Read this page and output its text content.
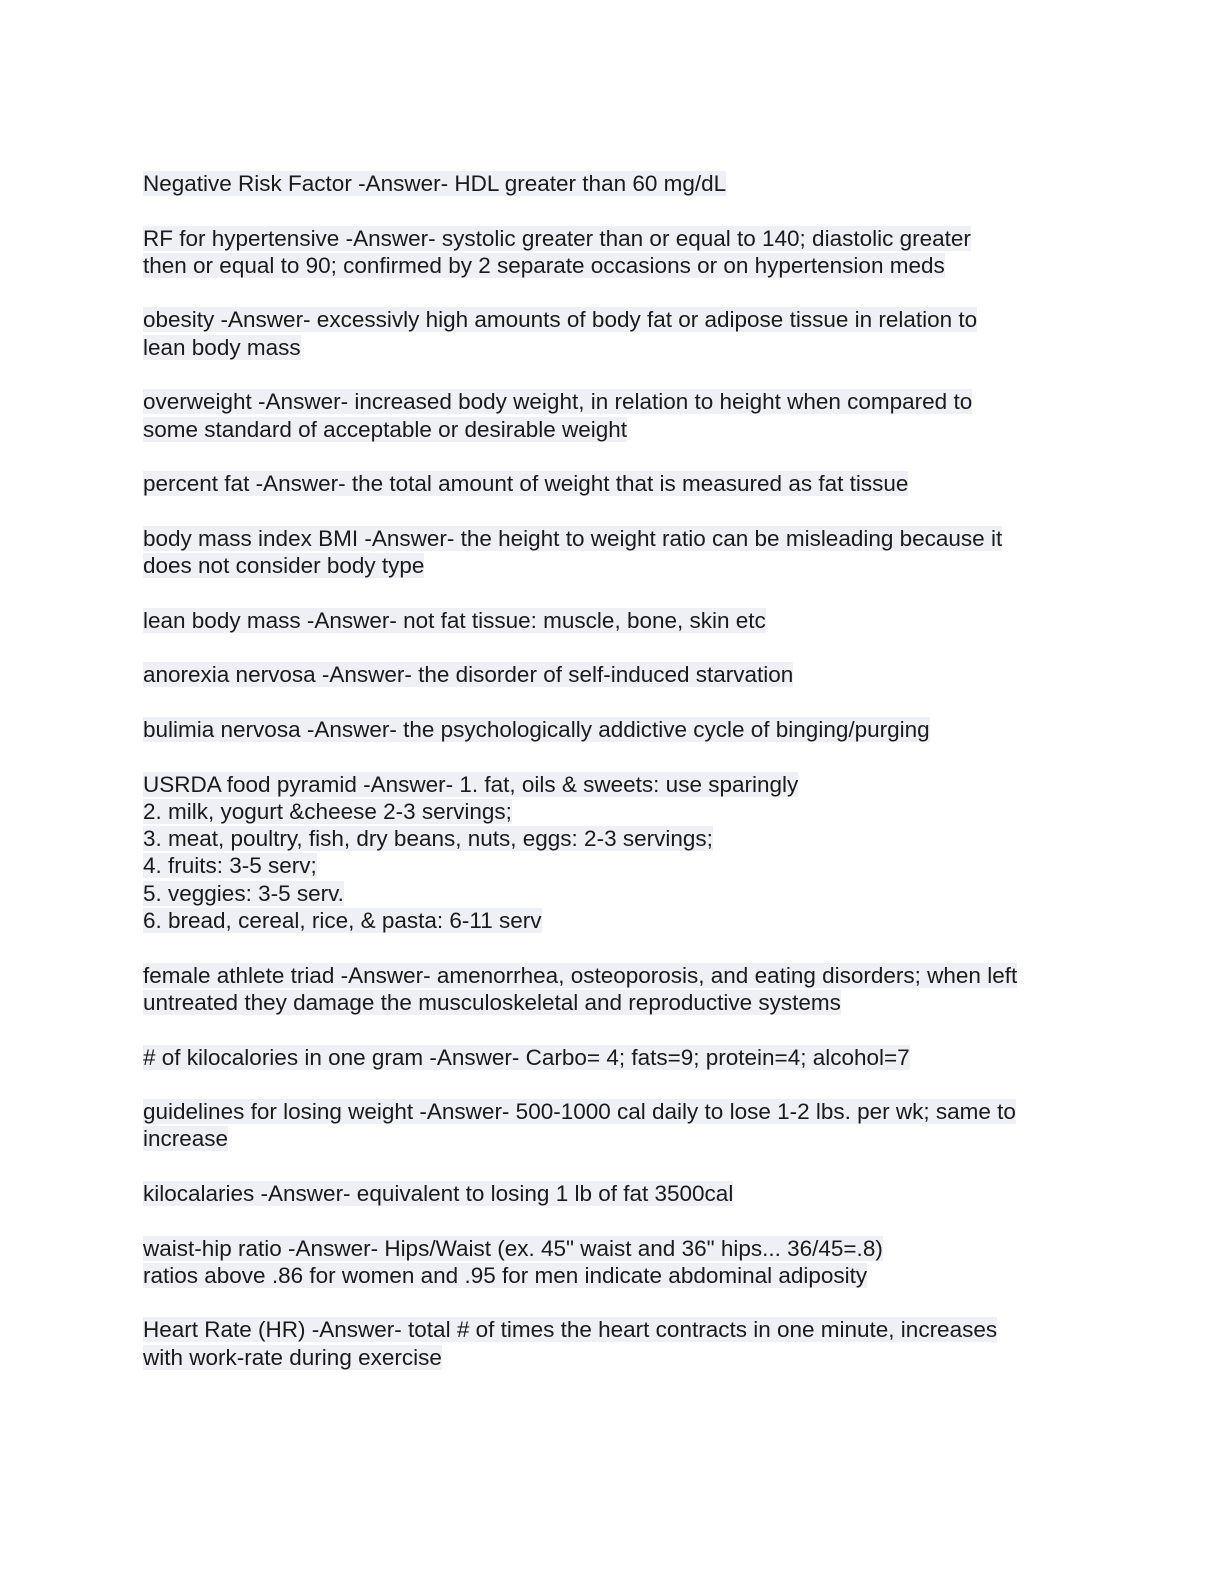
Negative Risk Factor -Answer- HDL greater than 60 mg/dL
RF for hypertensive -Answer- systolic greater than or equal to 140; diastolic greater
then or equal to 90; confirmed by 2 separate occasions or on hypertension meds
obesity -Answer- excessivly high amounts of body fat or adipose tissue in relation to
lean body mass
overweight -Answer- increased body weight, in relation to height when compared to
some standard of acceptable or desirable weight
percent fat -Answer- the total amount of weight that is measured as fat tissue
body mass index BMI -Answer- the height to weight ratio can be misleading because it
does not consider body type
lean body mass -Answer- not fat tissue: muscle, bone, skin etc
anorexia nervosa -Answer- the disorder of self-induced starvation
bulimia nervosa -Answer- the psychologically addictive cycle of binging/purging
USRDA food pyramid -Answer- 1. fat, oils & sweets: use sparingly
2. milk, yogurt &cheese 2-3 servings;
3. meat, poultry, fish, dry beans, nuts, eggs: 2-3 servings;
4. fruits: 3-5 serv;
5. veggies: 3-5 serv.
6. bread, cereal, rice, & pasta: 6-11 serv
female athlete triad -Answer- amenorrhea, osteoporosis, and eating disorders; when left
untreated they damage the musculoskeletal and reproductive systems
# of kilocalories in one gram -Answer- Carbo= 4; fats=9; protein=4; alcohol=7
guidelines for losing weight -Answer- 500-1000 cal daily to lose 1-2 lbs. per wk; same to
increase
kilocalaries -Answer- equivalent to losing 1 lb of fat 3500cal
waist-hip ratio -Answer- Hips/Waist (ex. 45" waist and 36" hips... 36/45=.8)
ratios above .86 for women and .95 for men indicate abdominal adiposity
Heart Rate (HR) -Answer- total # of times the heart contracts in one minute, increases
with work-rate during exercise
